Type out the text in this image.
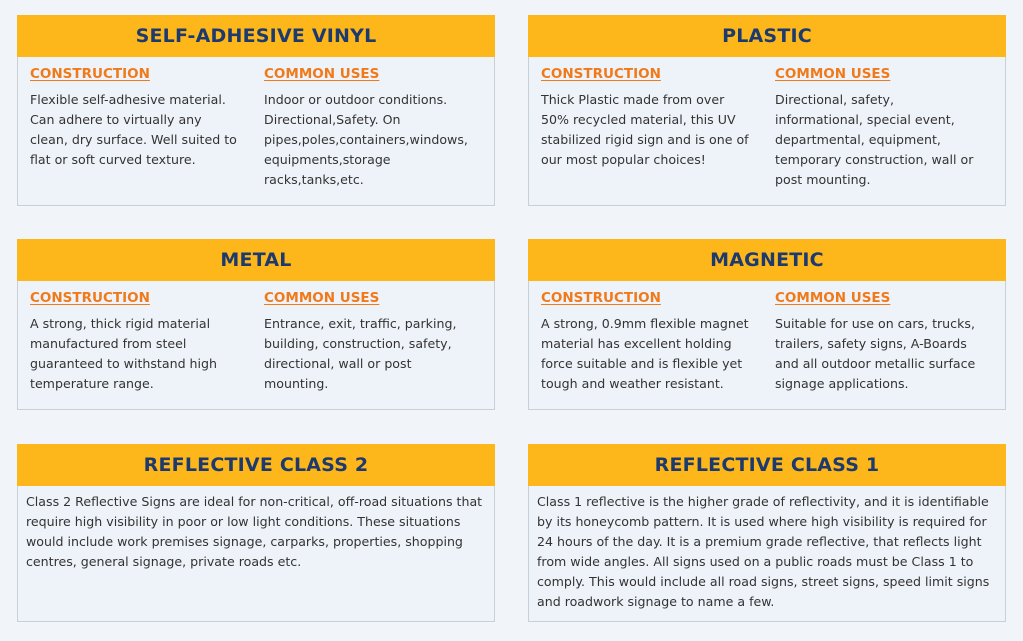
SELF-ADHESIVE VINYL
CONSTRUCTION
Flexible self-adhesive material.
Can adhere to virtually any
clean, dry surface. Well suited to
flat or soft curved texture.
COMMON USES
Indoor or outdoor conditions.
Directional,Safety. On
pipes,poles,containers,windows,
equipments,storage
racks,tanks,etc.
PLASTIC
CONSTRUCTION
Thick Plastic made from over
50% recycled material, this UV
stabilized rigid sign and is one of
our most popular choices!
COMMON USES
Directional, safety,
informational, special event,
departmental, equipment,
temporary construction, wall or
post mounting.
METAL
CONSTRUCTION
A strong, thick rigid material
manufactured from steel
guaranteed to withstand high
temperature range.
COMMON USES
Entrance, exit, traffic, parking,
building, construction, safety,
directional, wall or post
mounting.
MAGNETIC
CONSTRUCTION
A strong, 0.9mm flexible magnet
material has excellent holding
force suitable and is flexible yet
tough and weather resistant.
COMMON USES
Suitable for use on cars, trucks,
trailers, safety signs, A-Boards
and all outdoor metallic surface
signage applications.
REFLECTIVE CLASS 2
Class 2 Reflective Signs are ideal for non-critical, off-road situations that require high visibility in poor or low light conditions. These situations would include work premises signage, carparks, properties, shopping centres, general signage, private roads etc.
REFLECTIVE CLASS 1
Class 1 reflective is the higher grade of reflectivity, and it is identifiable by its honeycomb pattern. It is used where high visibility is required for 24 hours of the day. It is a premium grade reflective, that reflects light from wide angles. All signs used on a public roads must be Class 1 to comply. This would include all road signs, street signs, speed limit signs and roadwork signage to name a few.
